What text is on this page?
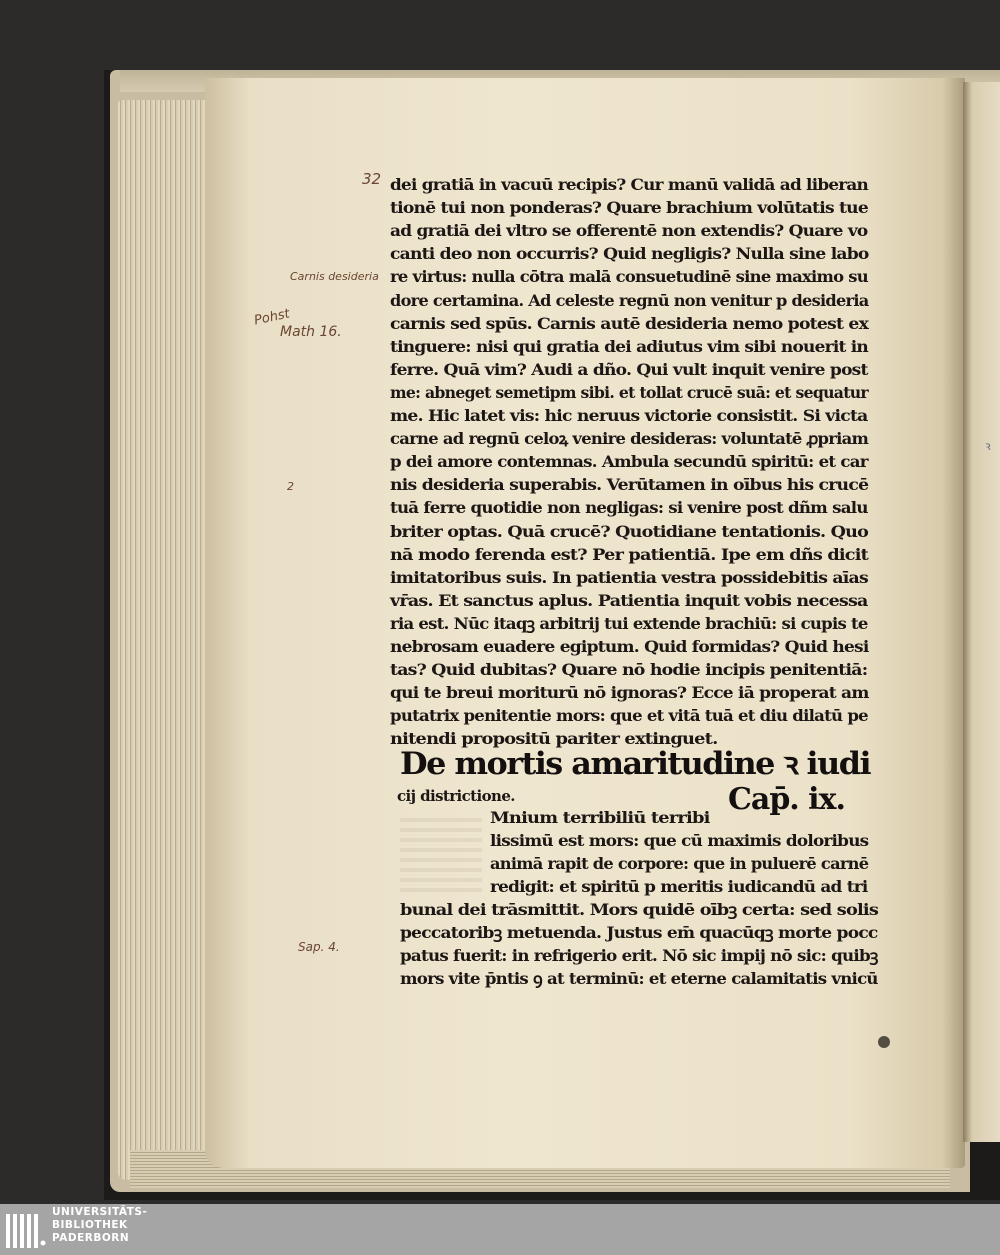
ꝛ
32 dei gratiā in vacuū recipis? Cur manū validā ad liberan
tionē tui non ponderas? Quare brachium volūtatis tue
ad gratiā dei vltro se offerentē non extendis? Quare vo
canti deo non occurris? Quid negligis? Nulla sine labo
re virtus: nulla cōtra malā consuetudinē sine maximo su
dore certamina. Ad celeste regnū non venitur p desideria
carnis sed spūs. Carnis autē desideria nemo potest ex
tinguere: nisi qui gratia dei adiutus vim sibi nouerit in
ferre. Quā vim? Audi a dño. Qui vult inquit venire post
me: abneget semetipm sibi. et tollat crucē suā: et sequatur
me. Hic latet vis: hic neruus victorie consistit. Si victa
carne ad regnū celoꝝ venire desideras: voluntatē ꝓpriam
p dei amore contemnas. Ambula secundū spiritū: et car
nis desideria superabis. Verūtamen in oībus his crucē
tuā ferre quotidie non negligas: si venire post dñm salu
briter optas. Quā crucē? Quotidiane tentationis. Quo
nā modo ferenda est? Per patientiā. Ipe em dñs dicit
imitatoribus suis. In patientia vestra possidebitis aīas
vr̄as. Et sanctus aplus. Patientia inquit vobis necessa
ria est. Nūc itaqꝫ arbitrij tui extende brachiū: si cupis te
nebrosam euadere egiptum. Quid formidas? Quid hesi
tas? Quid dubitas? Quare nō hodie incipis penitentiā:
qui te breui moriturū nō ignoras? Ecce iā properat am
putatrix penitentie mors: que et vitā tuā et diu dilatū pe
nitendi propositū pariter extinguet.
De mortis amaritudine ꝛ iudi
cij districtione.	Cap̄. ix.
Mnium terribiliū terribi
lissimū est mors: que cū maximis doloribus
animā rapit de corpore: que in puluerē carnē
redigit: et spiritū p meritis iudicandū ad tri
bunal dei trāsmittit. Mors quidē oībꝫ certa: sed solis
peccatoribꝫ metuenda. Justus em̄ quacūqꝫ morte pocc
patus fuerit: in refrigerio erit. Nō sic impij nō sic: quibꝫ
mors vite p̄ntis ꝯ at terminū: et eterne calamitatis vnicū
Carnis desideria
Pohst
Math 16.
2
Sap. 4.
UNIVERSITÄTS-
BIBLIOTHEK
PADERBORN
